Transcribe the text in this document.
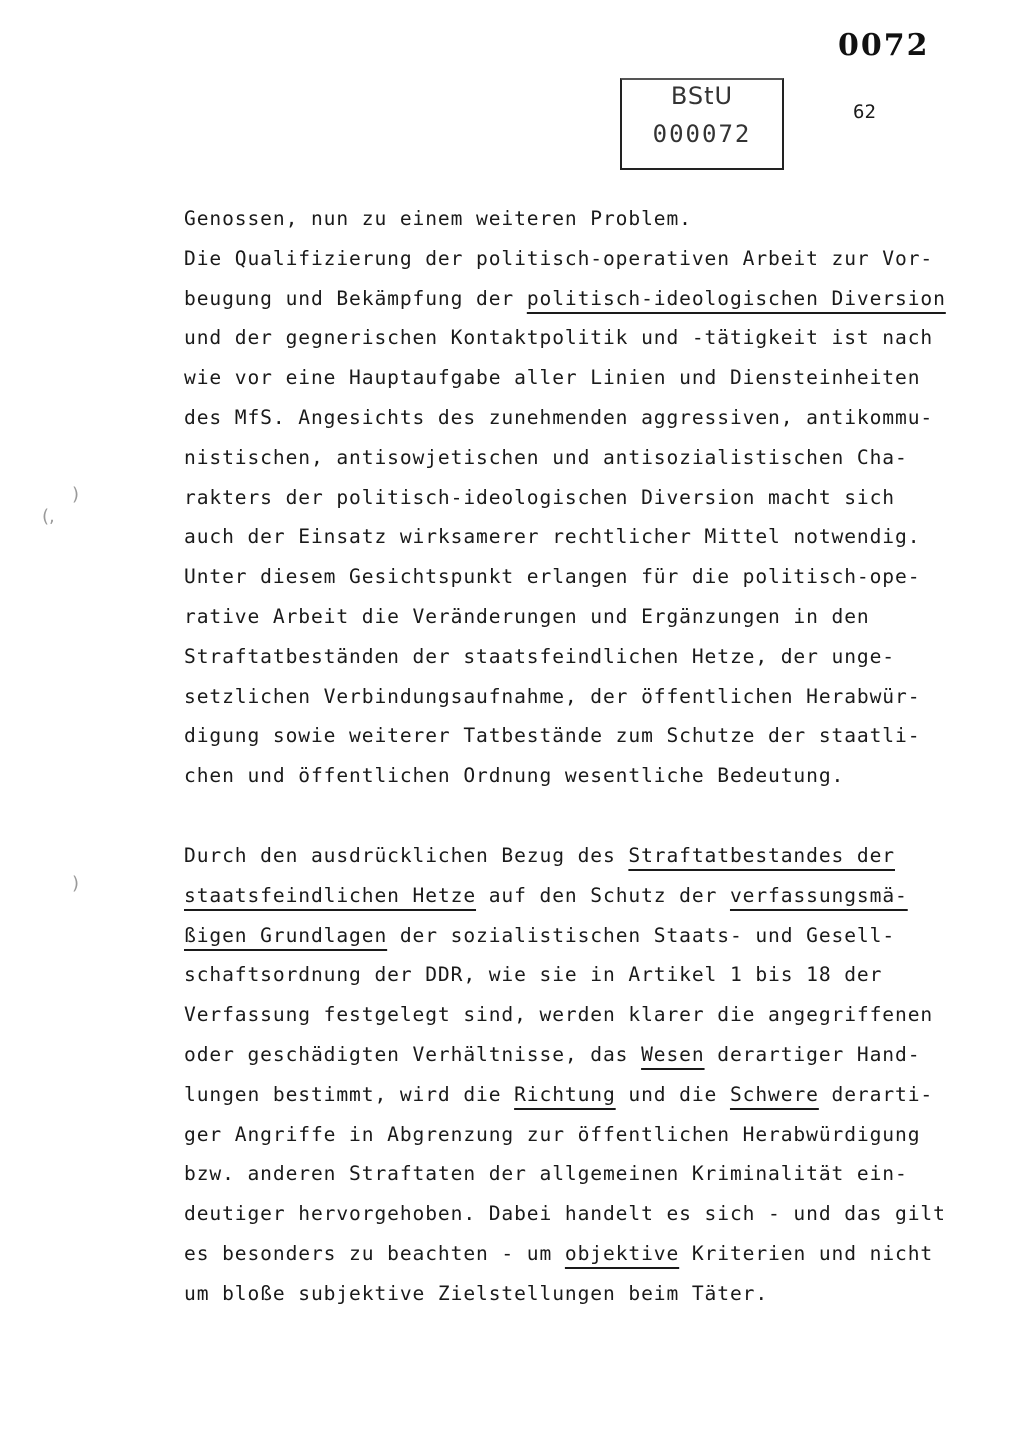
0072
BStU
000072
62
)
(,
)
Genossen, nun zu einem weiteren Problem.
Die Qualifizierung der politisch-operativen Arbeit zur Vor-
beugung und Bekämpfung der politisch-ideologischen Diversion
und der gegnerischen Kontaktpolitik und -tätigkeit ist nach
wie vor eine Hauptaufgabe aller Linien und Diensteinheiten
des MfS. Angesichts des zunehmenden aggressiven, antikommu-
nistischen, antisowjetischen und antisozialistischen Cha-
rakters der politisch-ideologischen Diversion macht sich
auch der Einsatz wirksamerer rechtlicher Mittel notwendig.
Unter diesem Gesichtspunkt erlangen für die politisch-ope-
rative Arbeit die Veränderungen und Ergänzungen in den
Straftatbeständen der staatsfeindlichen Hetze, der unge-
setzlichen Verbindungsaufnahme, der öffentlichen Herabwür-
digung sowie weiterer Tatbestände zum Schutze der staatli-
chen und öffentlichen Ordnung wesentliche Bedeutung.
Durch den ausdrücklichen Bezug des Straftatbestandes der
staatsfeindlichen Hetze auf den Schutz der verfassungsmä-
ßigen Grundlagen der sozialistischen Staats- und Gesell-
schaftsordnung der DDR, wie sie in Artikel 1 bis 18 der
Verfassung festgelegt sind, werden klarer die angegriffenen
oder geschädigten Verhältnisse, das Wesen derartiger Hand-
lungen bestimmt, wird die Richtung und die Schwere derarti-
ger Angriffe in Abgrenzung zur öffentlichen Herabwürdigung
bzw. anderen Straftaten der allgemeinen Kriminalität ein-
deutiger hervorgehoben. Dabei handelt es sich - und das gilt
es besonders zu beachten - um objektive Kriterien und nicht
um bloße subjektive Zielstellungen beim Täter.
